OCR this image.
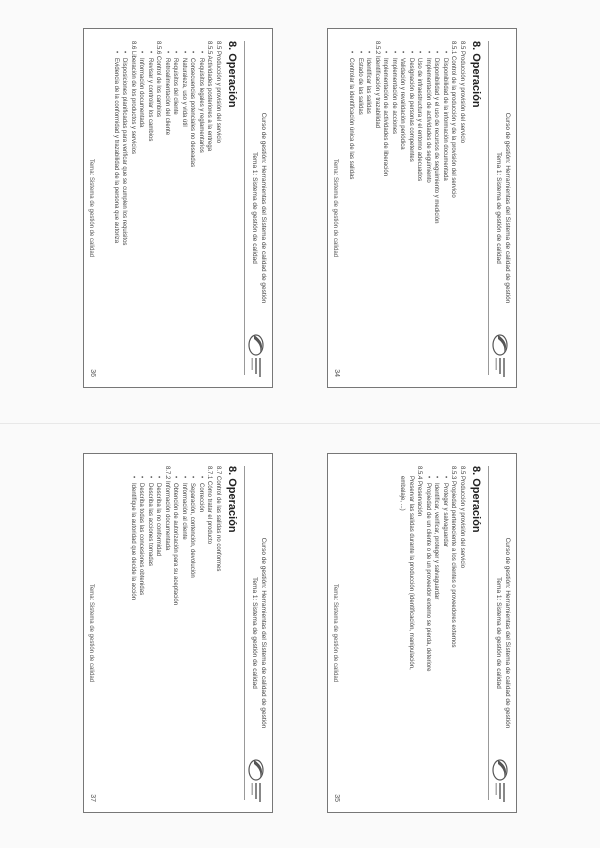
Curso de gestión: Herramientas del Sistema de calidad de gestión
Tema 1: Sistema de gestión de calidad
8. Operación
8.5 Producción y provisión del servicio
8.5.1 Control de la producción y de la provisión del servicio
•Disponibilidad de la información documentada
•Disponibilidad y el uso de recursos de seguimiento y medición
•Implementación de actividades de seguimiento
•Uso de infraestructura y el entorno adecuados
•Designación de personas competentes
•Validación y revalidación periódica
•Implementación de acciones
•Implementación de actividades de liberación
8.5.2 Identificación y trazabilidad
•Identificar las salidas
•Estado de las salidas
•Controlar la identificación única de las salidas
Tema: Sistema de gestión de calidad
34
Curso de gestión: Herramientas del Sistema de calidad de gestión
Tema 1: Sistema de gestión de calidad
8. Operación
8.5 Producción y provisión del servicio
8.5.3 Propiedad perteneciente a los clientes o proveedores externos
•Proteger y salvaguardar
•Identificar, verificar, proteger y salvaguardar
•Propiedad de un cliente o de un proveedor externo se pierda, deteriore
8.5.4 Preservación
Preservar las salidas durante la producción (identificación, manipulación,
embalaje, ...)
Tema: Sistema de gestión de calidad
35
Curso de gestión: Herramientas del Sistema de calidad de gestión
Tema 1: Sistema de gestión de calidad
8. Operación
8.5 Producción y provisión del servicio
8.5.5 Actividades posteriores a la entrega
•Requisitos legales y reglamentarios
•Consecuencias potenciales no deseadas
•Naturaleza, uso y vida útil
•Requisitos del cliente
•Retroalimentación del cliente
8.5.6 Control de los cambios
•Revisar y controlar los cambios
•Información documentada
8.6 Liberación de los productos y servicios
•Disposiciones planificadas para verificar que se cumplen los requisitos
•Evidencia de la conformidad y trazabilidad de la persona que autoriza
Tema: Sistema de gestión de calidad
36
Curso de gestión: Herramientas del Sistema de calidad de gestión
Tema 1: Sistema de gestión de calidad
8. Operación
8.7 Control de las salidas no conformes
8.7.1 Cómo tratar el producto
•Corrección
•Separación, contención, devolución
•Información al cliente
•Obtención de autorización para su aceptación
8.7.2 Información documentada
•Describa la no conformidad
•Describa las acciones tomadas
•Describa todas las concesiones obtenidas
•Identifique la autoridad que decide la acción
Tema: Sistema de gestión de calidad
37
